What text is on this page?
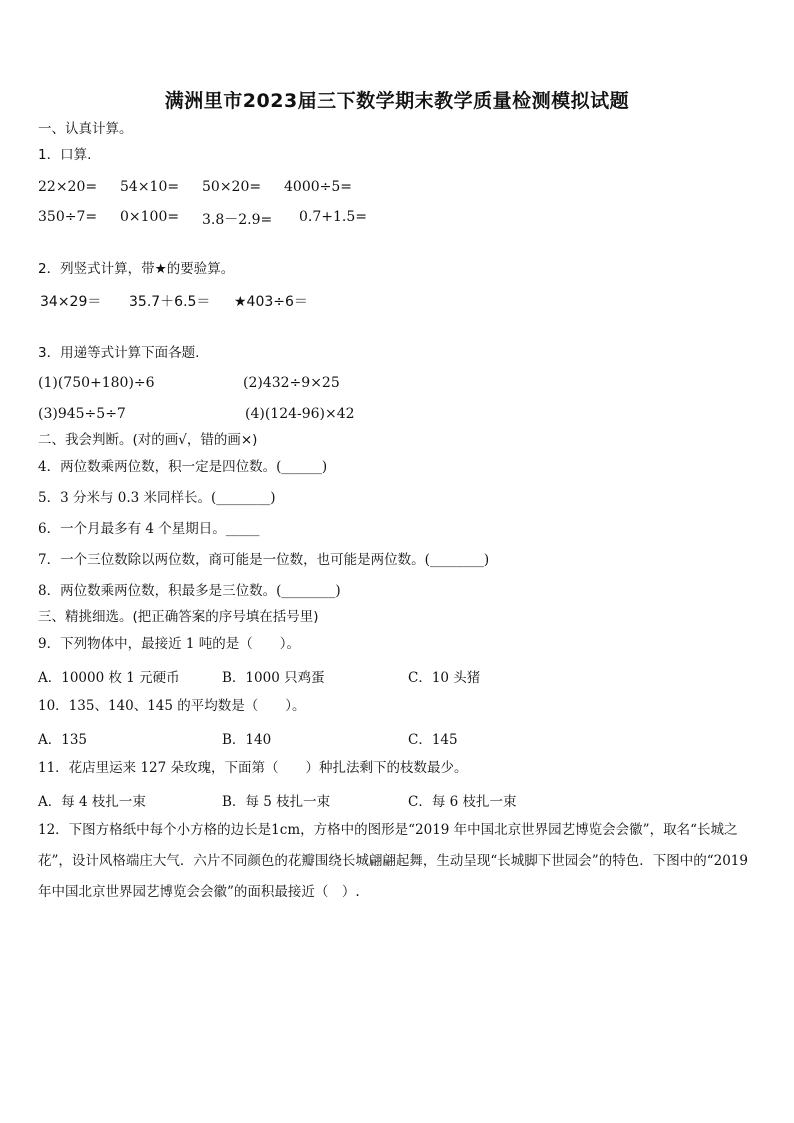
满洲里市2023届三下数学期末教学质量检测模拟试题
一、认真计算。
1．口算.
22×20= 54×10= 50×20= 4000÷5=
350÷7= 0×100= 3.8－2.9= 0.7+1.5=
2．列竖式计算，带★的要验算。
34×29＝ 35.7＋6.5＝ ★403÷6＝
3．用递等式计算下面各题.
(1)(750+180)÷6	(2)432÷9×25
(3)945÷5÷7	(4)(124-96)×42
二、我会判断。(对的画√，错的画×)
4．两位数乘两位数，积一定是四位数。(______)
5．3 分米与 0.3 米同样长。(________)
6．一个月最多有 4 个星期日。_____
7．一个三位数除以两位数，商可能是一位数，也可能是两位数。(________)
8．两位数乘两位数，积最多是三位数。(________)
三、精挑细选。(把正确答案的序号填在括号里)
9．下列物体中，最接近 1 吨的是（　　）。
A．10000 枚 1 元硬币	B．1000 只鸡蛋	C．10 头猪
10．135、140、145 的平均数是（　　）。
A．135	B．140	C．145
11．花店里运来 127 朵玫瑰，下面第（　　）种扎法剩下的枝数最少。
A．每 4 枝扎一束	B．每 5 枝扎一束	C．每 6 枝扎一束
12．下图方格纸中每个小方格的边长是1cm，方格中的图形是“2019 年中国北京世界园艺博览会会徽”，取名“长城之花”，设计风格端庄大气．六片不同颜色的花瓣围绕长城翩翩起舞，生动呈现“长城脚下世园会”的特色．下图中的“2019 年中国北京世界园艺博览会会徽”的面积最接近（　）.
